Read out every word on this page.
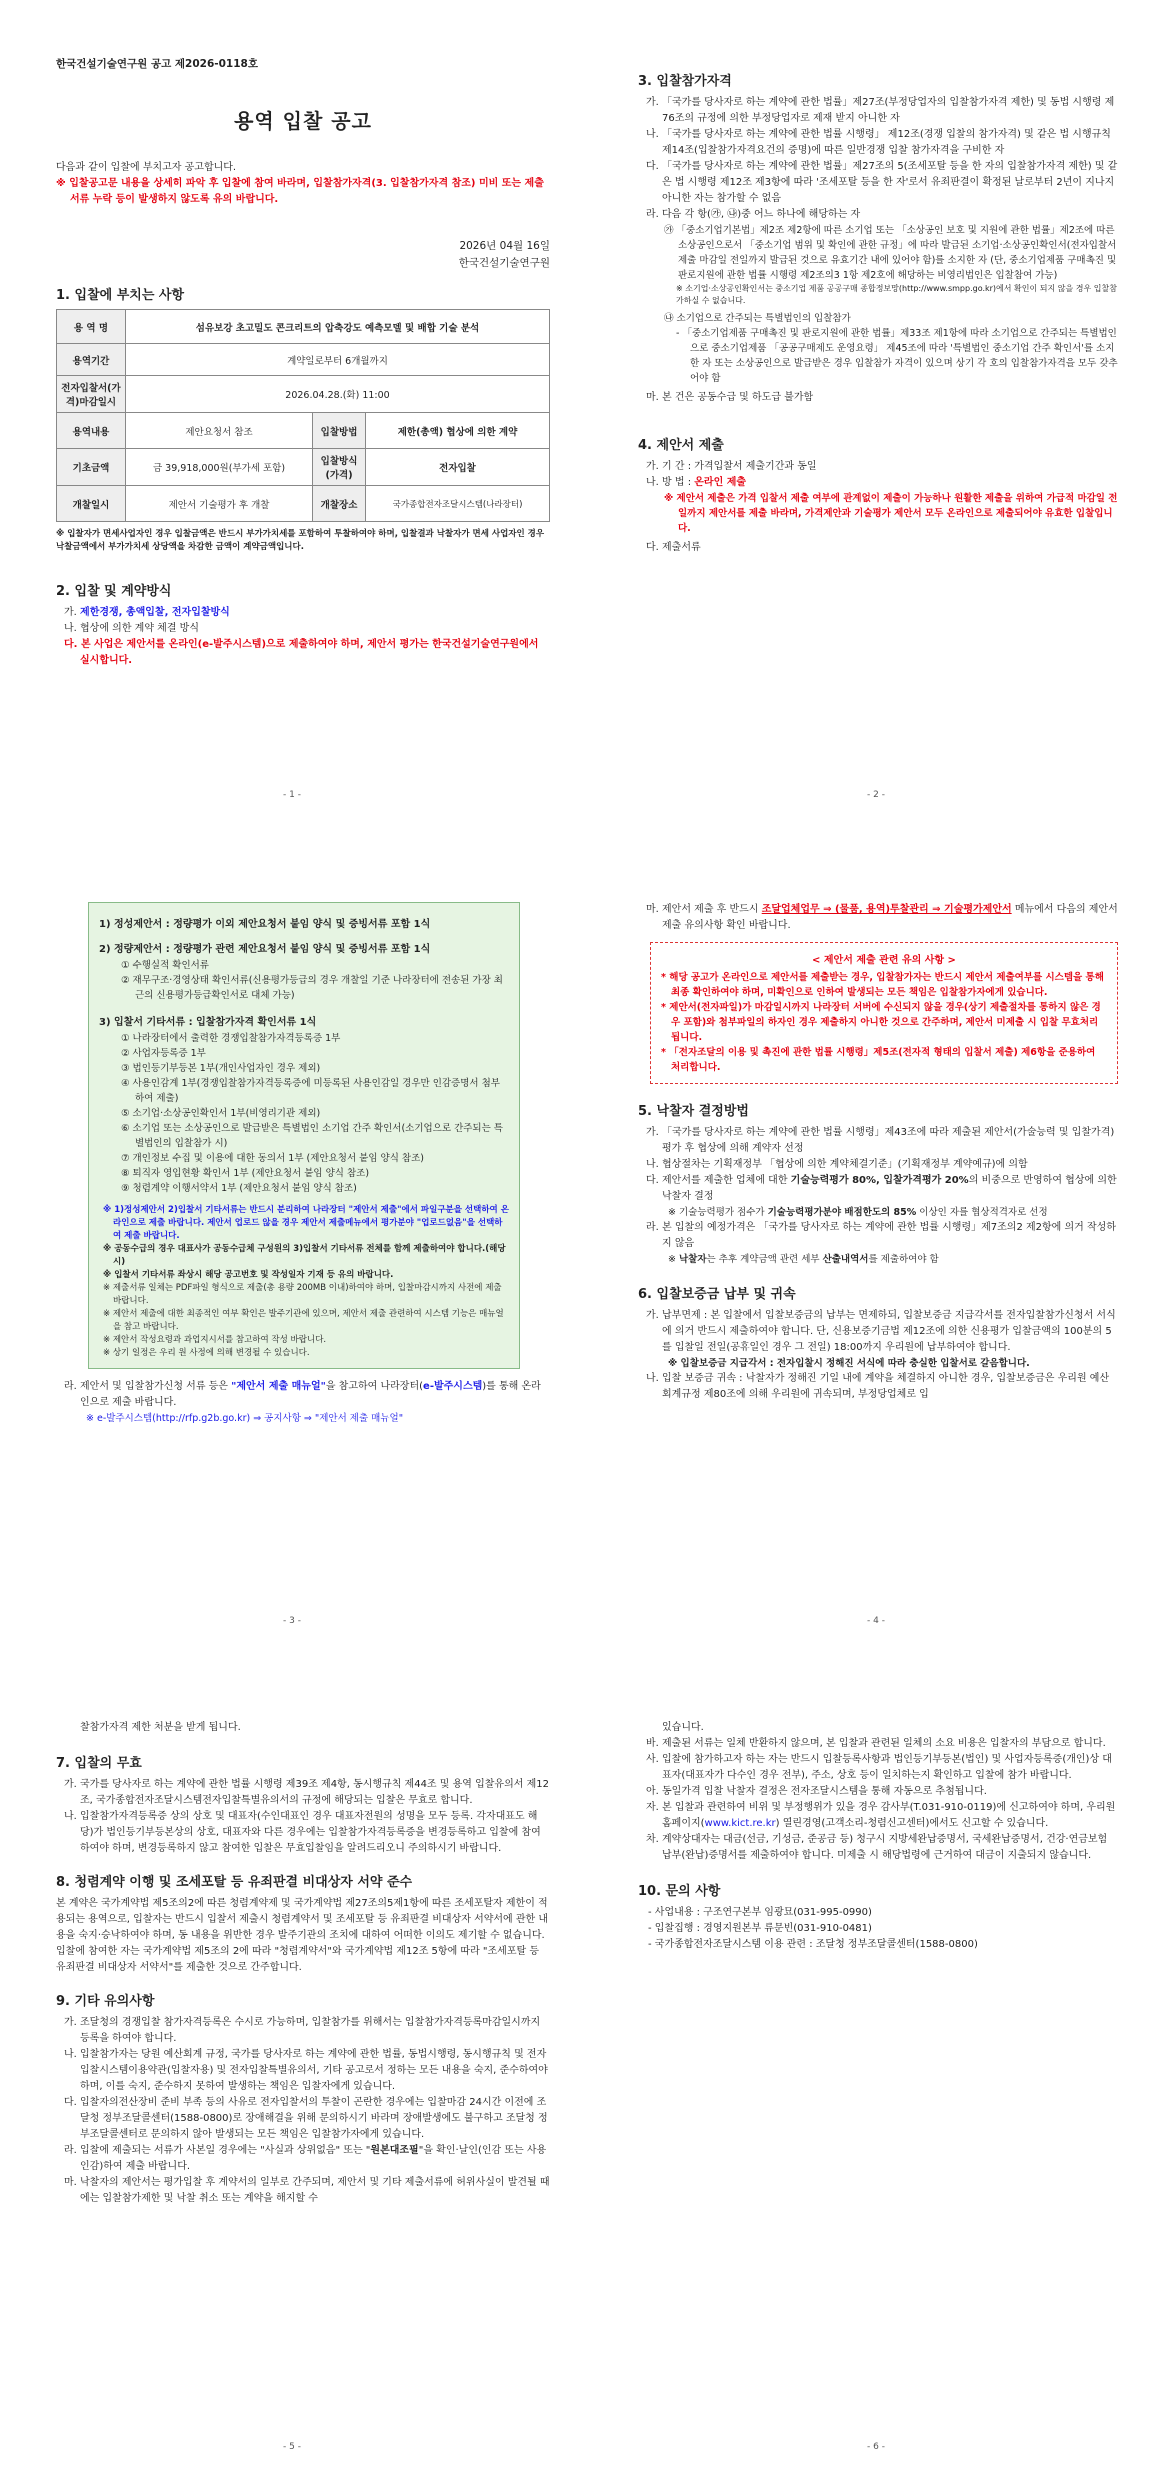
한국건설기술연구원 공고 제2026-0118호
용역 입찰 공고
다음과 같이 입찰에 부치고자 공고합니다.
※ 입찰공고문 내용을 상세히 파악 후 입찰에 참여 바라며, 입찰참가자격(3. 입찰참가자격 참조) 미비 또는 제출서류 누락 등이 발생하지 않도록 유의 바랍니다.
2026년 04월 16일
한국건설기술연구원
1. 입찰에 부치는 사항
용 역 명	섬유보강 초고밀도 콘크리트의 압축강도 예측모델 및 배합 기술 분석		
용역기간	계약일로부터 6개월까지		
전자입찰서(가격)마감일시	2026.04.28.(화) 11:00		
용역내용	제안요청서 참조	입찰방법	제한(총액) 협상에 의한 계약
기초금액	금 39,918,000원(부가세 포함)	입찰방식(가격)	전자입찰
개찰일시	제안서 기술평가 후 개찰	개찰장소	국가종합전자조달시스템(나라장터)
※ 입찰자가 면세사업자인 경우 입찰금액은 반드시 부가가치세를 포함하여 투찰하여야 하며, 입찰결과 낙찰자가 면세 사업자인 경우 낙찰금액에서 부가가치세 상당액을 차감한 금액이 계약금액입니다.
2. 입찰 및 계약방식
가. 제한경쟁, 총액입찰, 전자입찰방식
나. 협상에 의한 계약 체결 방식
다. 본 사업은 제안서를 온라인(e-발주시스템)으로 제출하여야 하며, 제안서 평가는 한국건설기술연구원에서 실시합니다.
- 1 -
3. 입찰참가자격
가. 「국가를 당사자로 하는 계약에 관한 법률」제27조(부정당업자의 입찰참가자격 제한) 및 동법 시행령 제76조의 규정에 의한 부정당업자로 제재 받지 아니한 자
나. 「국가를 당사자로 하는 계약에 관한 법률 시행령」 제12조(경쟁 입찰의 참가자격) 및 같은 법 시행규칙 제14조(입찰참가자격요건의 증명)에 따른 일반경쟁 입찰 참가자격을 구비한 자
다. 「국가를 당사자로 하는 계약에 관한 법률」제27조의 5(조세포탈 등을 한 자의 입찰참가자격 제한) 및 같은 법 시행령 제12조 제3항에 따라 '조세포탈 등을 한 자'로서 유죄판결이 확정된 날로부터 2년이 지나지 아니한 자는 참가할 수 없음
라. 다음 각 항(㉮, ㉯)중 어느 하나에 해당하는 자
㉮ 「중소기업기본법」제2조 제2항에 따른 소기업 또는 「소상공인 보호 및 지원에 관한 법률」제2조에 따른 소상공인으로서 「중소기업 범위 및 확인에 관한 규정」에 따라 발급된 소기업·소상공인확인서(전자입찰서 제출 마감일 전일까지 발급된 것으로 유효기간 내에 있어야 함)를 소지한 자 (단, 중소기업제품 구매촉진 및 판로지원에 관한 법률 시행령 제2조의3 1항 제2호에 해당하는 비영리법인은 입찰참여 가능)
※ 소기업·소상공인확인서는 중소기업 제품 공공구매 종합정보망(http://www.smpp.go.kr)에서 확인이 되지 않을 경우 입찰참가하실 수 없습니다.
㉯ 소기업으로 간주되는 특별법인의 입찰참가
- 「중소기업제품 구매촉진 및 판로지원에 관한 법률」제33조 제1항에 따라 소기업으로 간주되는 특별법인으로 중소기업제품 「공공구매제도 운영요령」 제45조에 따라 '특별법인 중소기업 간주 확인서'를 소지한 자 또는 소상공인으로 발급받은 경우 입찰참가 자격이 있으며 상기 각 호의 입찰참가자격을 모두 갖추어야 함
마. 본 건은 공동수급 및 하도급 불가함
4. 제안서 제출
가. 기 간 : 가격입찰서 제출기간과 동일
나. 방 법 : 온라인 제출
※ 제안서 제출은 가격 입찰서 제출 여부에 관계없이 제출이 가능하나 원활한 제출을 위하여 가급적 마감일 전일까지 제안서를 제출 바라며, 가격제안과 기술평가 제안서 모두 온라인으로 제출되어야 유효한 입찰입니다.
다. 제출서류
- 2 -
1) 정성제안서 : 정량평가 이외 제안요청서 붙임 양식 및 증빙서류 포함 1식
2) 정량제안서 : 정량평가 관련 제안요청서 붙임 양식 및 증빙서류 포함 1식
① 수행실적 확인서류
② 재무구조·경영상태 확인서류(신용평가등급의 경우 개찰일 기준 나라장터에 전송된 가장 최근의 신용평가등급확인서로 대체 가능)
3) 입찰서 기타서류 : 입찰참가자격 확인서류 1식
① 나라장터에서 출력한 경쟁입찰참가자격등록증 1부
② 사업자등록증 1부
③ 법인등기부등본 1부(개인사업자인 경우 제외)
④ 사용인감계 1부(경쟁입찰참가자격등록증에 미등록된 사용인감일 경우만 인감증명서 첨부하여 제출)
⑤ 소기업·소상공인확인서 1부(비영리기관 제외)
⑥ 소기업 또는 소상공인으로 발급받은 특별법인 소기업 간주 확인서(소기업으로 간주되는 특별법인의 입찰참가 시)
⑦ 개인정보 수집 및 이용에 대한 동의서 1부 (제안요청서 붙임 양식 참조)
⑧ 퇴직자 영입현황 확인서 1부 (제안요청서 붙임 양식 참조)
⑨ 청렴계약 이행서약서 1부 (제안요청서 붙임 양식 참조)
※ 1)정성제안서 2)입찰서 기타서류는 반드시 분리하여 나라장터 "제안서 제출"에서 파일구분을 선택하여 온라인으로 제출 바랍니다. 제안서 업로드 않을 경우 제안서 제출메뉴에서 평가분야 "업로드없음"을 선택하여 제출 바랍니다.
※ 공동수급의 경우 대표사가 공동수급체 구성원의 3)입찰서 기타서류 전체를 함께 제출하여야 합니다.(해당 시)
※ 입찰서 기타서류 좌상시 해당 공고번호 및 작성일자 기재 등 유의 바랍니다.
※ 제출서류 일체는 PDF파일 형식으로 제출(총 용량 200MB 이내)하여야 하며, 입찰마감시까지 사전에 제출 바랍니다.
※ 제안서 제출에 대한 최종적인 여부 확인은 발주기관에 있으며, 제안서 제출 관련하여 시스템 기능은 매뉴얼을 참고 바랍니다.
※ 제안서 작성요령과 과업지시서를 참고하여 작성 바랍니다.
※ 상기 일정은 우리 원 사정에 의해 변경될 수 있습니다.
라. 제안서 및 입찰참가신청 서류 등은 "제안서 제출 매뉴얼"을 참고하여 나라장터(e-발주시스템)를 통해 온라인으로 제출 바랍니다.
※ e-발주시스템(http://rfp.g2b.go.kr) ⇒ 공지사항 ⇒ "제안서 제출 매뉴얼"
- 3 -
마. 제안서 제출 후 반드시 조달업체업무 ⇒ (물품, 용역)투찰관리 ⇒ 기술평가제안서 메뉴에서 다음의 제안서 제출 유의사항 확인 바랍니다.
< 제안서 제출 관련 유의 사항 >
* 해당 공고가 온라인으로 제안서를 제출받는 경우, 입찰참가자는 반드시 제안서 제출여부를 시스템을 통해 최종 확인하여야 하며, 미확인으로 인하여 발생되는 모든 책임은 입찰참가자에게 있습니다.
* 제안서(전자파일)가 마감일시까지 나라장터 서버에 수신되지 않을 경우(상기 제출절차를 통하지 않은 경우 포함)와 첨부파일의 하자인 경우 제출하지 아니한 것으로 간주하며, 제안서 미제출 시 입찰 무효처리 됩니다.
* 「전자조달의 이용 및 촉진에 관한 법률 시행령」제5조(전자적 형태의 입찰서 제출) 제6항을 준용하여 처리합니다.
5. 낙찰자 결정방법
가. 「국가를 당사자로 하는 계약에 관한 법률 시행령」제43조에 따라 제출된 제안서(가술능력 및 입찰가격) 평가 후 협상에 의해 계약자 선정
나. 협상절차는 기획재정부 「협상에 의한 계약체결기준」(기획재정부 계약예규)에 의함
다. 제안서를 제출한 업체에 대한 기술능력평가 80%, 입찰가격평가 20%의 비중으로 반영하여 협상에 의한 낙찰자 결정
※ 기술능력평가 점수가 기술능력평가분야 배점한도의 85% 이상인 자를 협상적격자로 선정
라. 본 입찰의 예정가격은 「국가를 당사자로 하는 계약에 관한 법률 시행령」제7조의2 제2항에 의거 작성하지 않음
※ 낙찰자는 추후 계약금액 관련 세부 산출내역서를 제출하여야 함
6. 입찰보증금 납부 및 귀속
가. 납부면제 : 본 입찰에서 입찰보증금의 납부는 면제하되, 입찰보증금 지급각서를 전자입찰참가신청서 서식에 의거 반드시 제출하여야 합니다. 단, 신용보증기금법 제12조에 의한 신용평가 입찰금액의 100분의 5를 입찰일 전일(공휴일인 경우 그 전일) 18:00까지 우리원에 납부하여야 합니다.
※ 입찰보증금 지급각서 : 전자입찰시 정해진 서식에 따라 충실한 입찰서로 갈음합니다.
나. 입찰 보증금 귀속 : 낙찰자가 정해진 기일 내에 계약을 체결하지 아니한 경우, 입찰보증금은 우리원 예산회계규정 제80조에 의해 우리원에 귀속되며, 부정당업체로 입
- 4 -
찰참가자격 제한 처분을 받게 됩니다.
7. 입찰의 무효
가. 국가를 당사자로 하는 계약에 관한 법률 시행령 제39조 제4항, 동시행규칙 제44조 및 용역 입찰유의서 제12조, 국가종합전자조달시스템전자입찰특별유의서의 규정에 해당되는 입찰은 무효로 합니다.
나. 입찰참가자격등록증 상의 상호 및 대표자(수인대표인 경우 대표자전원의 성명을 모두 등록. 각자대표도 해당)가 법인등기부등본상의 상호, 대표자와 다른 경우에는 입찰참가자격등록증을 변경등록하고 입찰에 참여하여야 하며, 변경등록하지 않고 참여한 입찰은 무효입찰임을 알려드리오니 주의하시기 바랍니다.
8. 청렴계약 이행 및 조세포탈 등 유죄판결 비대상자 서약 준수
본 계약은 국가계약법 제5조의2에 따른 청렴계약제 및 국가계약법 제27조의5제1항에 따른 조세포탈자 제한이 적용되는 용역으로, 입찰자는 반드시 입찰서 제출시 청렴계약서 및 조세포탈 등 유죄판결 비대상자 서약서에 관한 내용을 숙지·승낙하여야 하며, 동 내용을 위반한 경우 발주기관의 조치에 대하여 어떠한 이의도 제기할 수 없습니다. 입찰에 참여한 자는 국가계약법 제5조의 2에 따라 "청렴계약서"와 국가계약법 제12조 5항에 따라 "조세포탈 등 유죄판결 비대상자 서약서"를 제출한 것으로 간주합니다.
9. 기타 유의사항
가. 조달청의 경쟁입찰 참가자격등록은 수시로 가능하며, 입찰참가를 위해서는 입찰참가자격등록마감일시까지 등록을 하여야 합니다.
나. 입찰참가자는 당원 예산회계 규정, 국가를 당사자로 하는 계약에 관한 법률, 동법시행령, 동시행규칙 및 전자입찰시스템이용약관(입찰자용) 및 전자입찰특별유의서, 기타 공고로서 정하는 모든 내용을 숙지, 준수하여야 하며, 이를 숙지, 준수하지 못하여 발생하는 책임은 입찰자에게 있습니다.
다. 입찰자의전산장비 준비 부족 등의 사유로 전자입찰서의 투찰이 곤란한 경우에는 입찰마감 24시간 이전에 조달청 정부조달콜센터(1588-0800)로 장애해결을 위해 문의하시기 바라며 장애발생에도 불구하고 조달청 정부조달콜센터로 문의하지 않아 발생되는 모든 책임은 입찰참가자에게 있습니다.
라. 입찰에 제출되는 서류가 사본일 경우에는 "사실과 상위없음" 또는 "원본대조필"을 확인·날인(인감 또는 사용인감)하여 제출 바랍니다.
마. 낙찰자의 제안서는 평가입찰 후 계약서의 일부로 간주되며, 제안서 및 기타 제출서류에 허위사실이 발견될 때에는 입찰참가제한 및 낙찰 취소 또는 계약을 해지할 수
- 5 -
있습니다.
바. 제출된 서류는 일체 반환하지 않으며, 본 입찰과 관련된 일체의 소요 비용은 입찰자의 부담으로 합니다.
사. 입찰에 참가하고자 하는 자는 반드시 입찰등록사항과 법인등기부등본(법인) 및 사업자등록증(개인)상 대표자(대표자가 다수인 경우 전부), 주소, 상호 등이 일치하는지 확인하고 입찰에 참가 바랍니다.
아. 동일가격 입찰 낙찰자 결정은 전자조달시스템을 통해 자동으로 추첨됩니다.
자. 본 입찰과 관련하여 비위 및 부정행위가 있을 경우 감사부(T.031-910-0119)에 신고하여야 하며, 우리원 홈페이지(www.kict.re.kr) 열린경영(고객소리-청렴신고센터)에서도 신고할 수 있습니다.
차. 계약상대자는 대금(선금, 기성금, 준공금 등) 청구시 지방세완납증명서, 국세완납증명서, 건강·연금보험 납부(완납)증명서를 제출하여야 합니다. 미제출 시 해당법령에 근거하여 대금이 지출되지 않습니다.
10. 문의 사항
- 사업내용 : 구조연구본부 임광묘(031-995-0990)
- 입찰집행 : 경영지원본부 류문빈(031-910-0481)
- 국가종합전자조달시스템 이용 관련 : 조달청 정부조달콜센터(1588-0800)
- 6 -
